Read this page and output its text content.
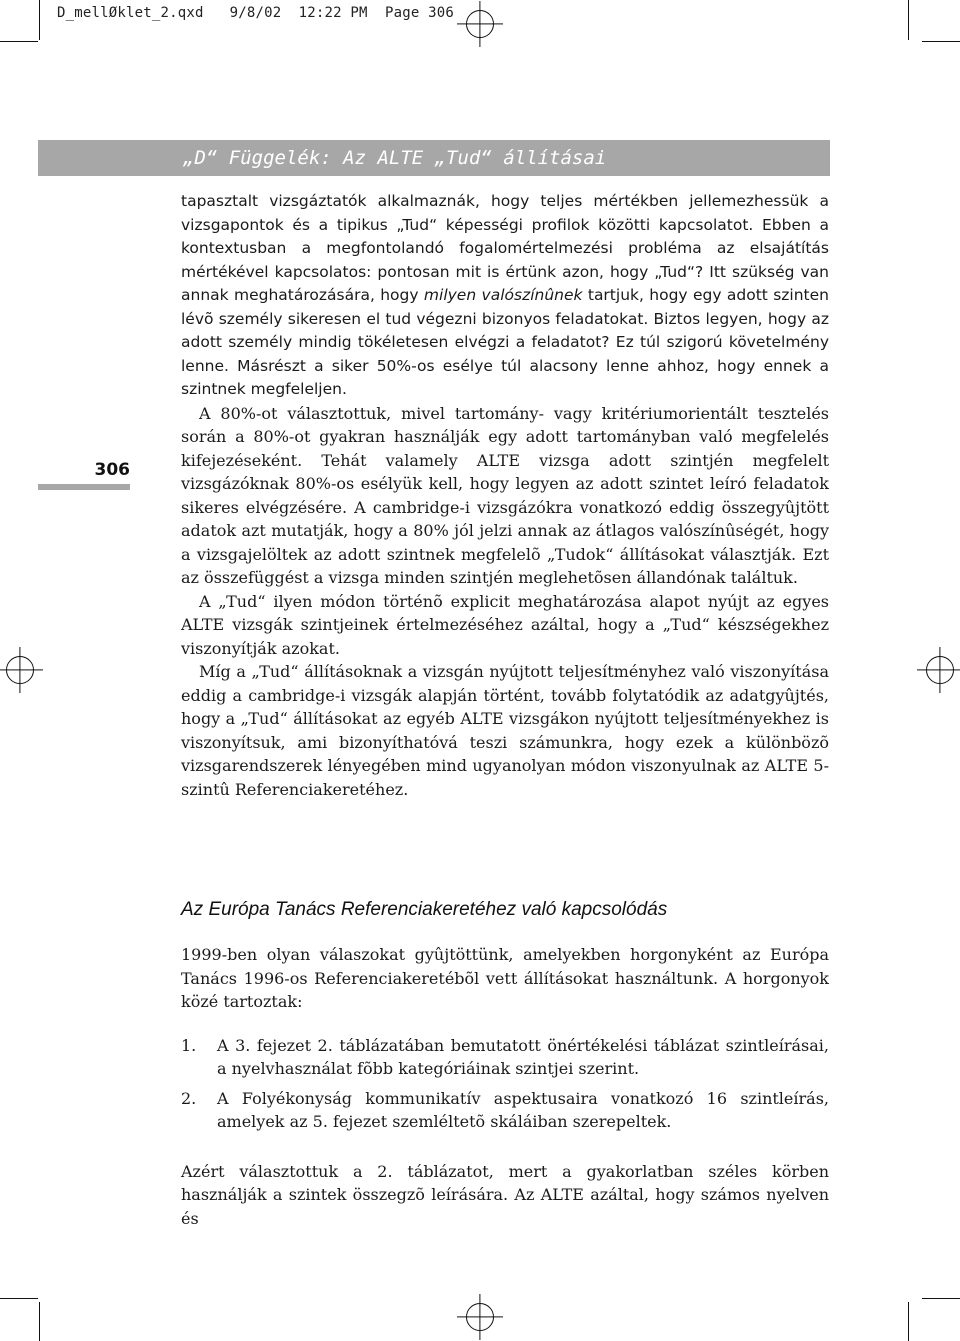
D_mellØklet_2.qxd 9/8/02 12:22 PM Page 306
„D“ Függelék: Az ALTE „Tud“ állításai
306

tapasztalt vizsgáztatók alkalmaznák, hogy teljes mértékben jellemezhessük a vizsgapontok és a tipikus „Tud“ képességi profilok közötti kapcsolatot. Ebben a kontextusban a megfontolandó fogalomértelmezési probléma az elsajátítás mértékével kapcsolatos: pontosan mit is értünk azon, hogy „Tud“? Itt szükség van annak meghatározására, hogy milyen valószínûnek tartjuk, hogy egy adott szinten lévõ személy sikeresen el tud végezni bizonyos feladatokat. Biztos legyen, hogy az adott személy mindig tökéletesen elvégzi a feladatot? Ez túl szigorú követelmény lenne. Másrészt a siker 50%-os esélye túl alacsony lenne ahhoz, hogy ennek a szintnek megfeleljen.

A 80%-ot választottuk, mivel tartomány- vagy kritériumorientált tesztelés során a 80%-ot gyakran használják egy adott tartományban való megfelelés kifejezéseként. Tehát valamely ALTE vizsga adott szintjén megfelelt vizsgázóknak 80%-os esélyük kell, hogy legyen az adott szintet leíró feladatok sikeres elvégzésére. A cambridge-i vizsgázókra vonatkozó eddig összegyûjtött adatok azt mutatják, hogy a 80% jól jelzi annak az átlagos valószínûségét, hogy a vizsgajelöltek az adott szintnek megfelelõ „Tudok“ állításokat választják. Ezt az összefüggést a vizsga minden szintjén meglehetõsen állandónak találtuk.

A „Tud“ ilyen módon történõ explicit meghatározása alapot nyújt az egyes ALTE vizsgák szintjeinek értelmezéséhez azáltal, hogy a „Tud“ készségekhez viszonyítják azokat.

Míg a „Tud“ állításoknak a vizsgán nyújtott teljesítményhez való viszonyítása eddig a cambridge-i vizsgák alapján történt, tovább folytatódik az adatgyûjtés, hogy a „Tud“ állításokat az egyéb ALTE vizsgákon nyújtott teljesítményekhez is viszonyítsuk, ami bizonyíthatóvá teszi számunkra, hogy ezek a különbözõ vizsgarendszerek lényegében mind ugyanolyan módon viszonyulnak az ALTE 5-szintû Referenciakeretéhez.

Az Európa Tanács Referenciakeretéhez való kapcsolódás

1999-ben olyan válaszokat gyûjtöttünk, amelyekben horgonyként az Európa Tanács 1996-os Referenciakeretébõl vett állításokat használtunk. A horgonyok közé tartoztak:

1. A 3. fejezet 2. táblázatában bemutatott önértékelési táblázat szintleírásai, a nyelvhasználat fõbb kategóriáinak szintjei szerint.
2. A Folyékonyság kommunikatív aspektusaira vonatkozó 16 szintleírás, amelyek az 5. fejezet szemléltetõ skáláiban szerepeltek.

Azért választottuk a 2. táblázatot, mert a gyakorlatban széles körben használják a szintek összegzõ leírására. Az ALTE azáltal, hogy számos nyelven és
